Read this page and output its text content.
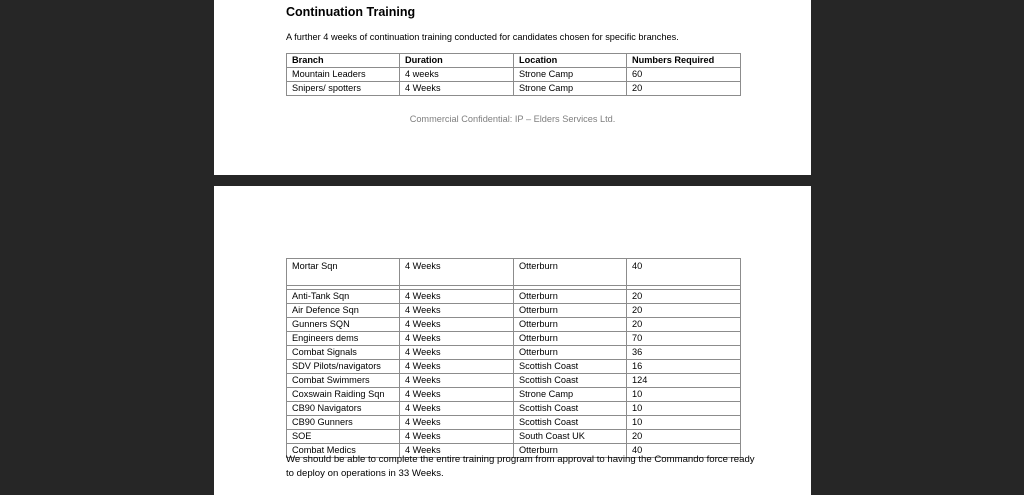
Continuation Training
A further 4 weeks of continuation training conducted for candidates chosen for specific branches.
Branch	Duration	Location	Numbers Required
Mountain Leaders	4 weeks	Strone Camp	60
Snipers/ spotters	4 Weeks	Strone Camp	20
Commercial Confidential: IP – Elders Services Ltd.
Mortar Sqn	4 Weeks	Otterburn	40

Anti-Tank Sqn	4 Weeks	Otterburn	20
Air Defence Sqn	4 Weeks	Otterburn	20
Gunners SQN	4 Weeks	Otterburn	20
Engineers dems	4 Weeks	Otterburn	70
Combat Signals	4 Weeks	Otterburn	36
SDV Pilots/navigators	4 Weeks	Scottish Coast	16
Combat Swimmers	4 Weeks	Scottish Coast	124
Coxswain Raiding Sqn	4 Weeks	Strone Camp	10
CB90 Navigators	4 Weeks	Scottish Coast	10
CB90 Gunners	4 Weeks	Scottish Coast	10
SOE	4 Weeks	South Coast UK	20
Combat Medics	4 Weeks	Otterburn	40
We should be able to complete the entire training program from approval to having the Commando force ready to deploy on operations in 33 Weeks.
